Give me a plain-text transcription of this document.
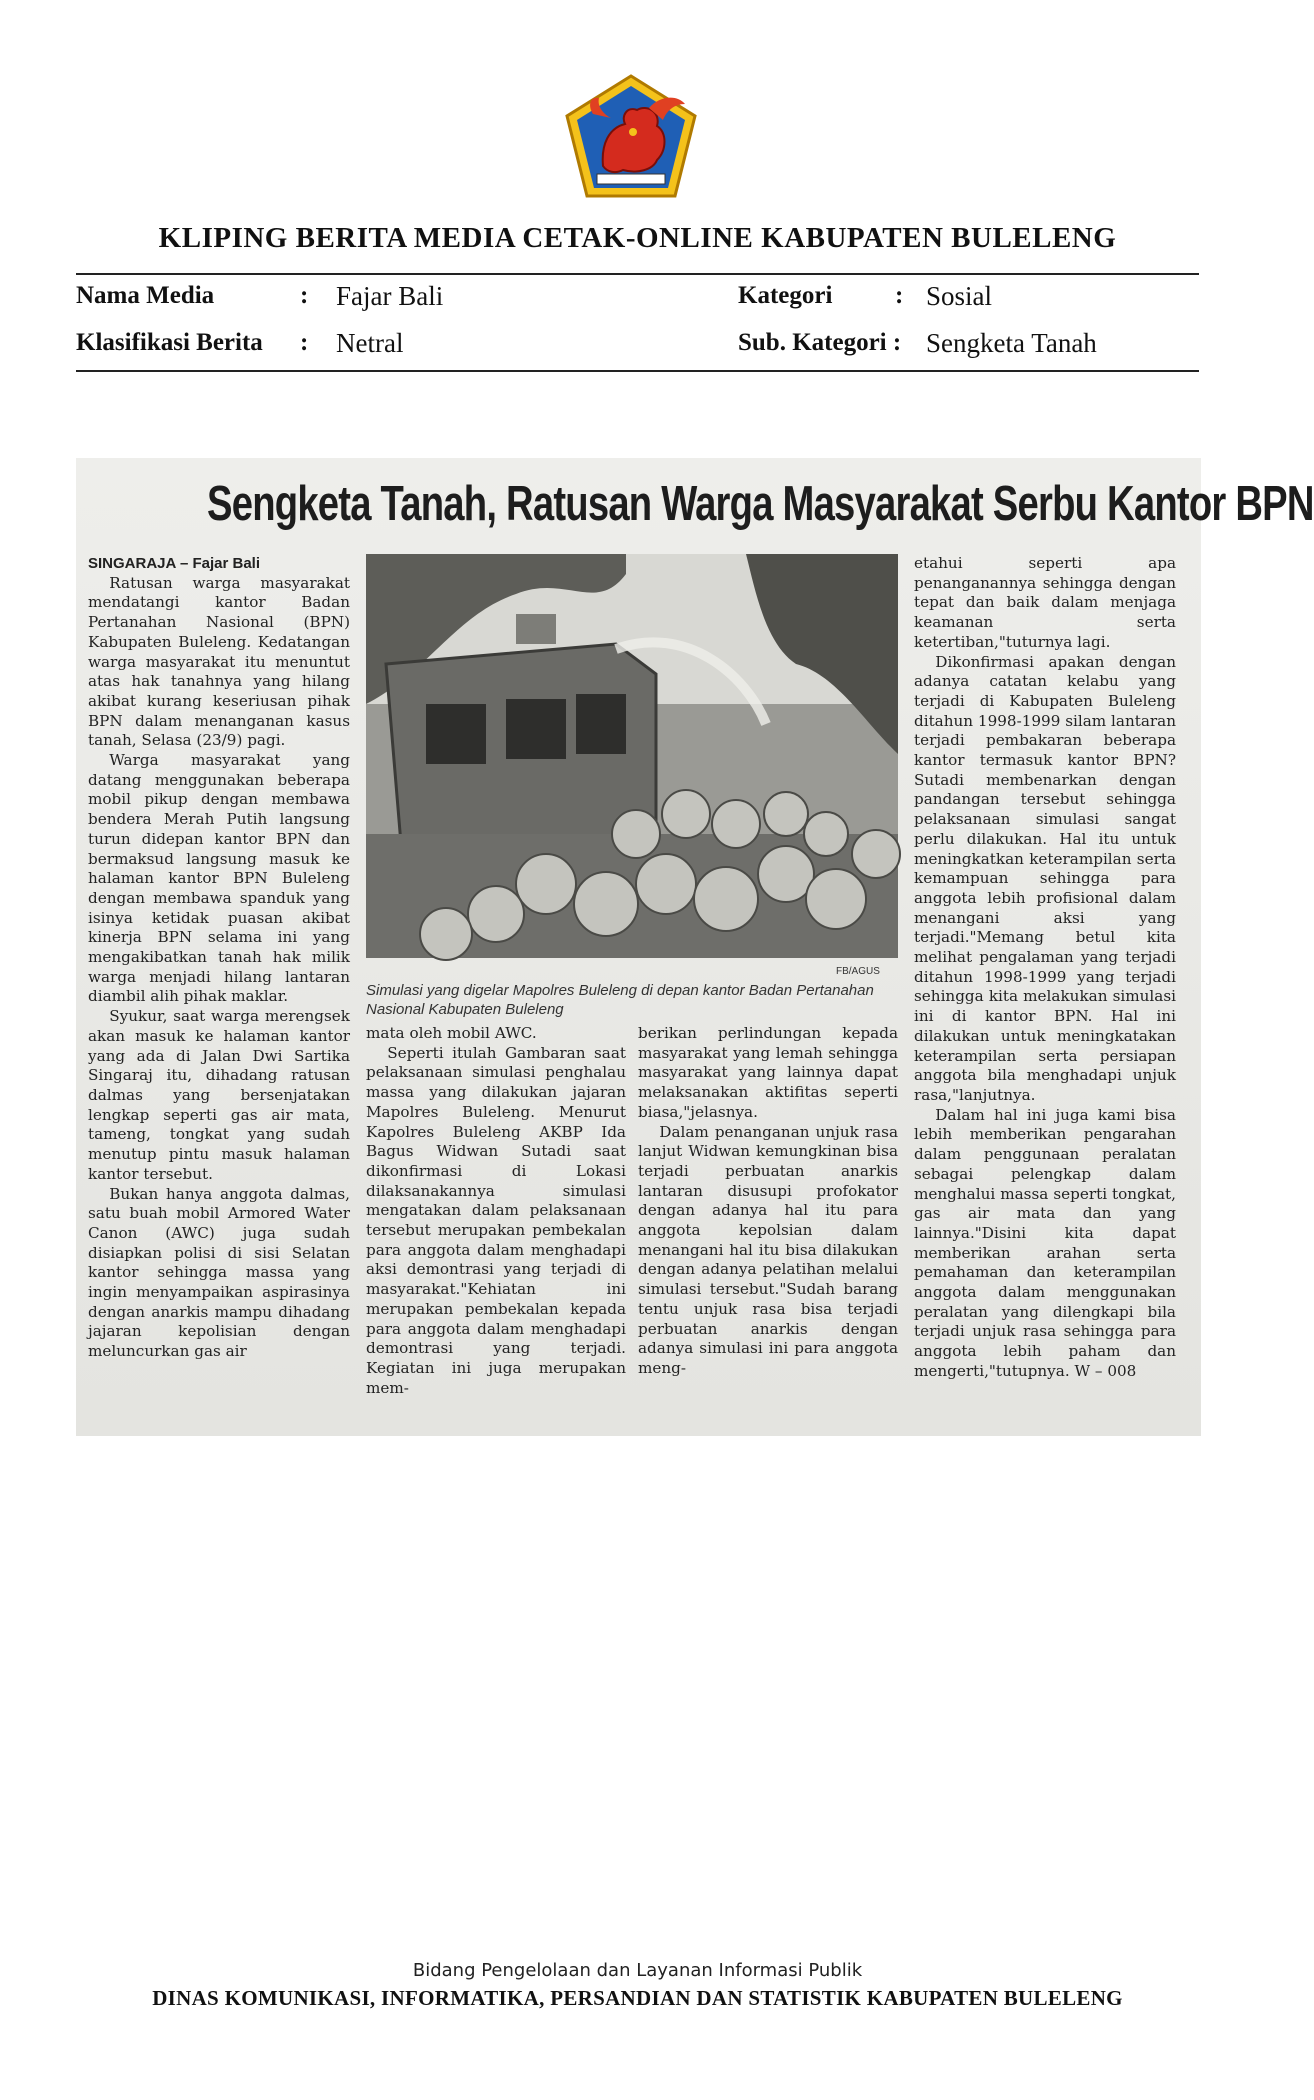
KLIPING BERITA MEDIA CETAK-ONLINE KABUPATEN BULELENG
Nama Media	: Fajar Bali	Kategori	: Sosial
Klasifikasi Berita : Netral	Sub. Kategori : Sengketa Tanah
Sengketa Tanah, Ratusan Warga Masyarakat Serbu Kantor BPN
SINGARAJA – Fajar Bali

Ratusan warga masyarakat mendatangi kantor Badan Pertanahan Nasional (BPN) Kabupaten Buleleng. Kedatangan warga masyarakat itu menuntut atas hak tanahnya yang hilang akibat kurang keseriusan pihak BPN dalam menanganan kasus tanah, Selasa (23/9) pagi.

Warga masyarakat yang datang menggunakan beberapa mobil pikup dengan membawa bendera Merah Putih langsung turun didepan kantor BPN dan bermaksud langsung masuk ke halaman kantor BPN Buleleng dengan membawa spanduk yang isinya ketidak puasan akibat kinerja BPN selama ini yang mengakibatkan tanah hak milik warga menjadi hilang lantaran diambil alih pihak maklar.

Syukur, saat warga merengsek akan masuk ke halaman kantor yang ada di Jalan Dwi Sartika Singaraj itu, dihadang ratusan dalmas yang bersenjatakan lengkap seperti gas air mata, tameng, tongkat yang sudah menutup pintu masuk halaman kantor tersebut.

Bukan hanya anggota dalmas, satu buah mobil Armored Water Canon (AWC) juga sudah disiapkan polisi di sisi Selatan kantor sehingga massa yang ingin menyampaikan aspirasinya dengan anarkis mampu dihadang jajaran kepolisian dengan meluncurkan gas air

FB/AGUS
Simulasi yang digelar Mapolres Buleleng di depan kantor Badan Pertanahan Nasional Kabupaten Buleleng

mata oleh mobil AWC.

Seperti itulah Gambaran saat pelaksanaan simulasi penghalau massa yang dilakukan jajaran Mapolres Buleleng. Menurut Kapolres Buleleng AKBP Ida Bagus Widwan Sutadi saat dikonfirmasi di Lokasi dilaksanakannya simulasi mengatakan dalam pelaksanaan tersebut merupakan pembekalan para anggota dalam menghadapi aksi demontrasi yang terjadi di masyarakat."Kehiatan ini merupakan pembekalan kepada para anggota dalam menghadapi demontrasi yang terjadi. Kegiatan ini juga merupakan mem-

berikan perlindungan kepada masyarakat yang lemah sehingga masyarakat yang lainnya dapat melaksanakan aktifitas seperti biasa,"jelasnya.

Dalam penanganan unjuk rasa lanjut Widwan kemungkinan bisa terjadi perbuatan anarkis lantaran disusupi profokator dengan adanya hal itu para anggota kepolsian dalam menangani hal itu bisa dilakukan dengan adanya pelatihan melalui simulasi tersebut."Sudah barang tentu unjuk rasa bisa terjadi perbuatan anarkis dengan adanya simulasi ini para anggota meng-

etahui seperti apa penanganannya sehingga dengan tepat dan baik dalam menjaga keamanan serta ketertiban,"tuturnya lagi.

Dikonfirmasi apakan dengan adanya catatan kelabu yang terjadi di Kabupaten Buleleng ditahun 1998-1999 silam lantaran terjadi pembakaran beberapa kantor termasuk kantor BPN? Sutadi membenarkan dengan pandangan tersebut sehingga pelaksanaan simulasi sangat perlu dilakukan. Hal itu untuk meningkatkan keterampilan serta kemampuan sehingga para anggota lebih profisional dalam menangani aksi yang terjadi."Memang betul kita melihat pengalaman yang terjadi ditahun 1998-1999 yang terjadi sehingga kita melakukan simulasi ini di kantor BPN. Hal ini dilakukan untuk meningkatakan keterampilan serta persiapan anggota bila menghadapi unjuk rasa,"lanjutnya.

Dalam hal ini juga kami bisa lebih memberikan pengarahan dalam penggunaan peralatan sebagai pelengkap dalam menghalui massa seperti tongkat, gas air mata dan yang lainnya."Disini kita dapat memberikan arahan serta pemahaman dan keterampilan anggota dalam menggunakan peralatan yang dilengkapi bila terjadi unjuk rasa sehingga para anggota lebih paham dan mengerti,"tutupnya. W – 008

Bidang Pengelolaan dan Layanan Informasi Publik
DINAS KOMUNIKASI, INFORMATIKA, PERSANDIAN DAN STATISTIK KABUPATEN BULELENG
